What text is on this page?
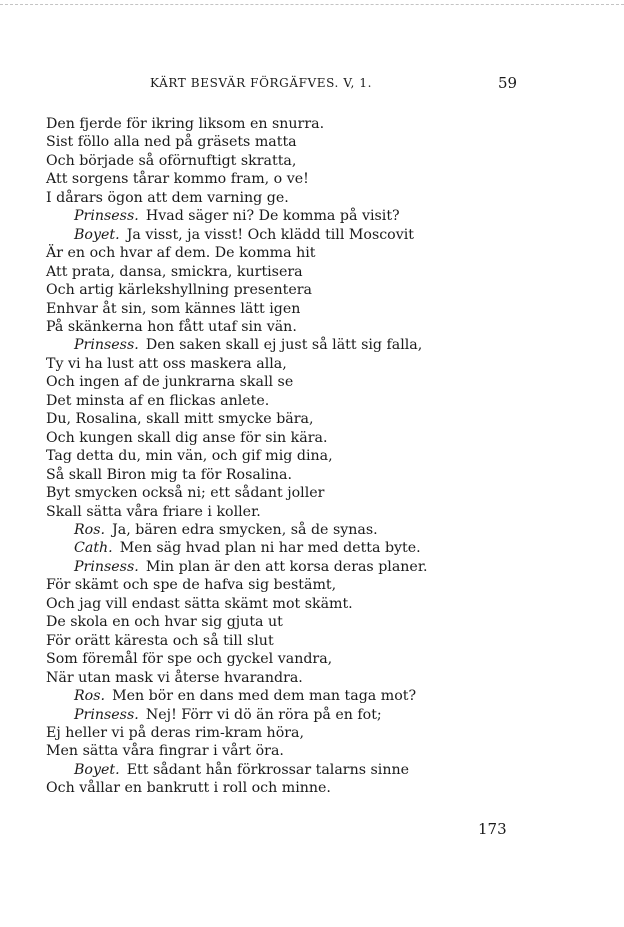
KÄRT BESVÄR FÖRGÄFVES. V, 1.	59
Den fjerde för ikring liksom en snurra.
Sist föllo alla ned på gräsets matta
Och började så oförnuftigt skratta,
Att sorgens tårar kommo fram, o ve!
I dårars ögon att dem varning ge.
Prinsess.  Hvad säger ni? De komma på visit?
Boyet.  Ja visst, ja visst! Och klädd till Moscovit
Är en och hvar af dem. De komma hit
Att prata, dansa, smickra, kurtisera
Och artig kärlekshyllning presentera
Enhvar åt sin, som kännes lätt igen
På skänkerna hon fått utaf sin vän.
Prinsess.  Den saken skall ej just så lätt sig falla,
Ty vi ha lust att oss maskera alla,
Och ingen af de junkrarna skall se
Det minsta af en flickas anlete.
Du, Rosalina, skall mitt smycke bära,
Och kungen skall dig anse för sin kära.
Tag detta du, min vän, och gif mig dina,
Så skall Biron mig ta för Rosalina.
Byt smycken också ni; ett sådant joller
Skall sätta våra friare i koller.
Ros.  Ja, bären edra smycken, så de synas.
Cath.  Men säg hvad plan ni har med detta byte.
Prinsess.  Min plan är den att korsa deras planer.
För skämt och spe de hafva sig bestämt,
Och jag vill endast sätta skämt mot skämt.
De skola en och hvar sig gjuta ut
För orätt käresta och så till slut
Som föremål för spe och gyckel vandra,
När utan mask vi återse hvarandra.
Ros.  Men bör en dans med dem man taga mot?
Prinsess.  Nej! Förr vi dö än röra på en fot;
Ej heller vi på deras rim-kram höra,
Men sätta våra fingrar i vårt öra.
Boyet.  Ett sådant hån förkrossar talarns sinne
Och vållar en bankrutt i roll och minne.
173
